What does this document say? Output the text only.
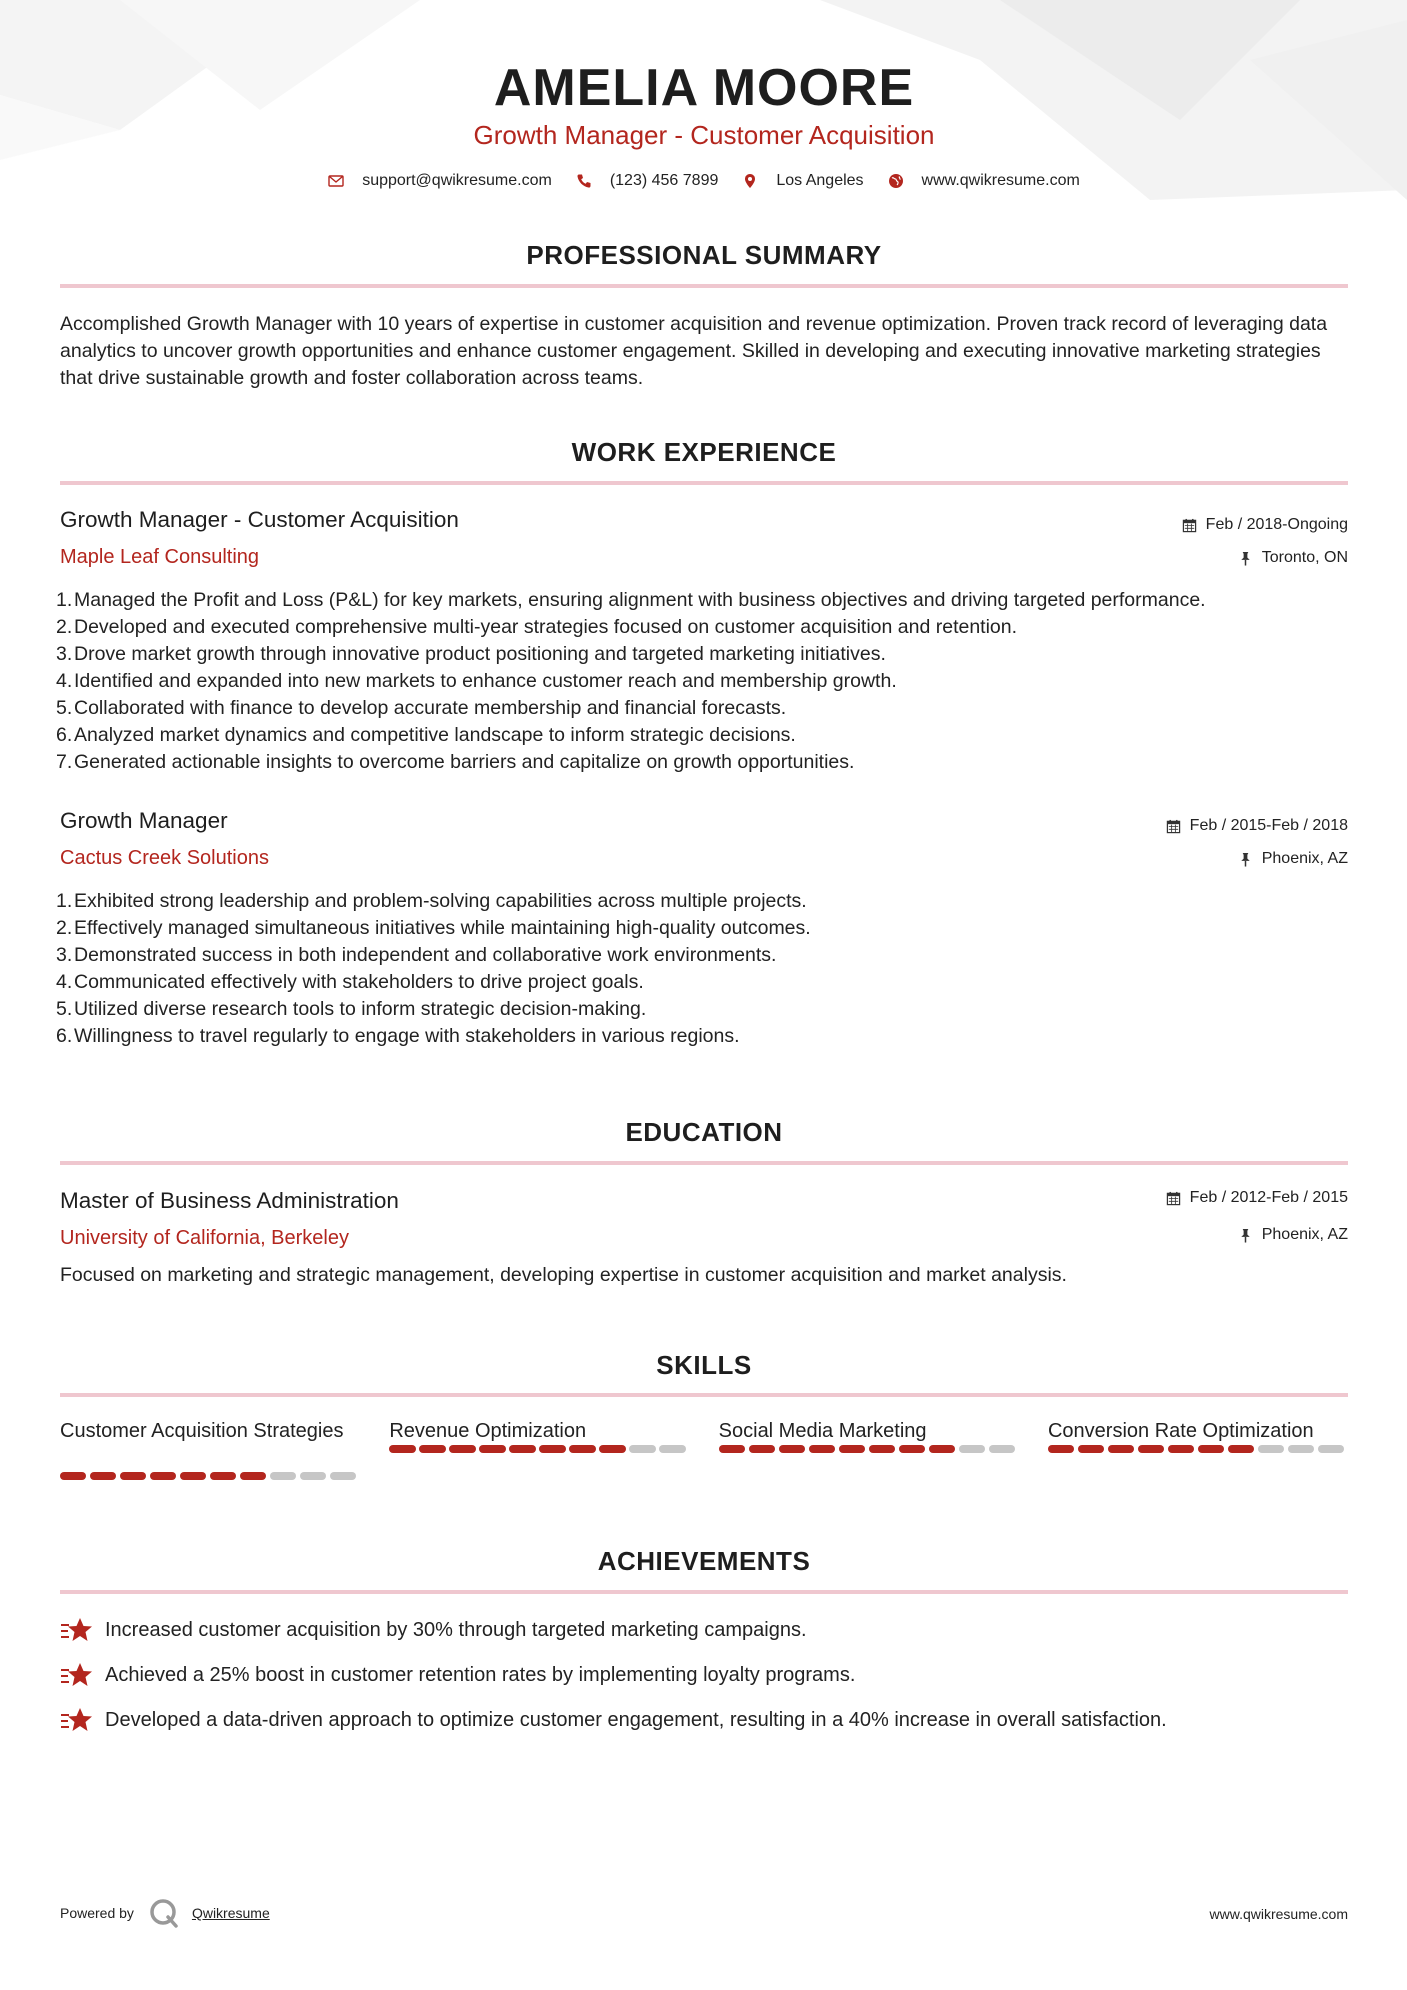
AMELIA MOORE
Growth Manager - Customer Acquisition
support@qwikresume.com	(123) 456 7899	Los Angeles	www.qwikresume.com
PROFESSIONAL SUMMARY
Accomplished Growth Manager with 10 years of expertise in customer acquisition and revenue optimization. Proven track record of leveraging data analytics to uncover growth opportunities and enhance customer engagement. Skilled in developing and executing innovative marketing strategies that drive sustainable growth and foster collaboration across teams.
WORK EXPERIENCE
Growth Manager - Customer Acquisition
Maple Leaf Consulting
Feb / 2018-Ongoing
Toronto, ON
1. Managed the Profit and Loss (P&L) for key markets, ensuring alignment with business objectives and driving targeted performance.
2. Developed and executed comprehensive multi-year strategies focused on customer acquisition and retention.
3. Drove market growth through innovative product positioning and targeted marketing initiatives.
4. Identified and expanded into new markets to enhance customer reach and membership growth.
5. Collaborated with finance to develop accurate membership and financial forecasts.
6. Analyzed market dynamics and competitive landscape to inform strategic decisions.
7. Generated actionable insights to overcome barriers and capitalize on growth opportunities.
Growth Manager
Cactus Creek Solutions
Feb / 2015-Feb / 2018
Phoenix, AZ
1. Exhibited strong leadership and problem-solving capabilities across multiple projects.
2. Effectively managed simultaneous initiatives while maintaining high-quality outcomes.
3. Demonstrated success in both independent and collaborative work environments.
4. Communicated effectively with stakeholders to drive project goals.
5. Utilized diverse research tools to inform strategic decision-making.
6. Willingness to travel regularly to engage with stakeholders in various regions.
EDUCATION
Master of Business Administration
University of California, Berkeley
Feb / 2012-Feb / 2015
Phoenix, AZ
Focused on marketing and strategic management, developing expertise in customer acquisition and market analysis.
SKILLS
Customer Acquisition Strategies	Revenue Optimization	Social Media Marketing	Conversion Rate Optimization
ACHIEVEMENTS
Increased customer acquisition by 30% through targeted marketing campaigns.
Achieved a 25% boost in customer retention rates by implementing loyalty programs.
Developed a data-driven approach to optimize customer engagement, resulting in a 40% increase in overall satisfaction.
Powered by	Qwikresume	www.qwikresume.com
